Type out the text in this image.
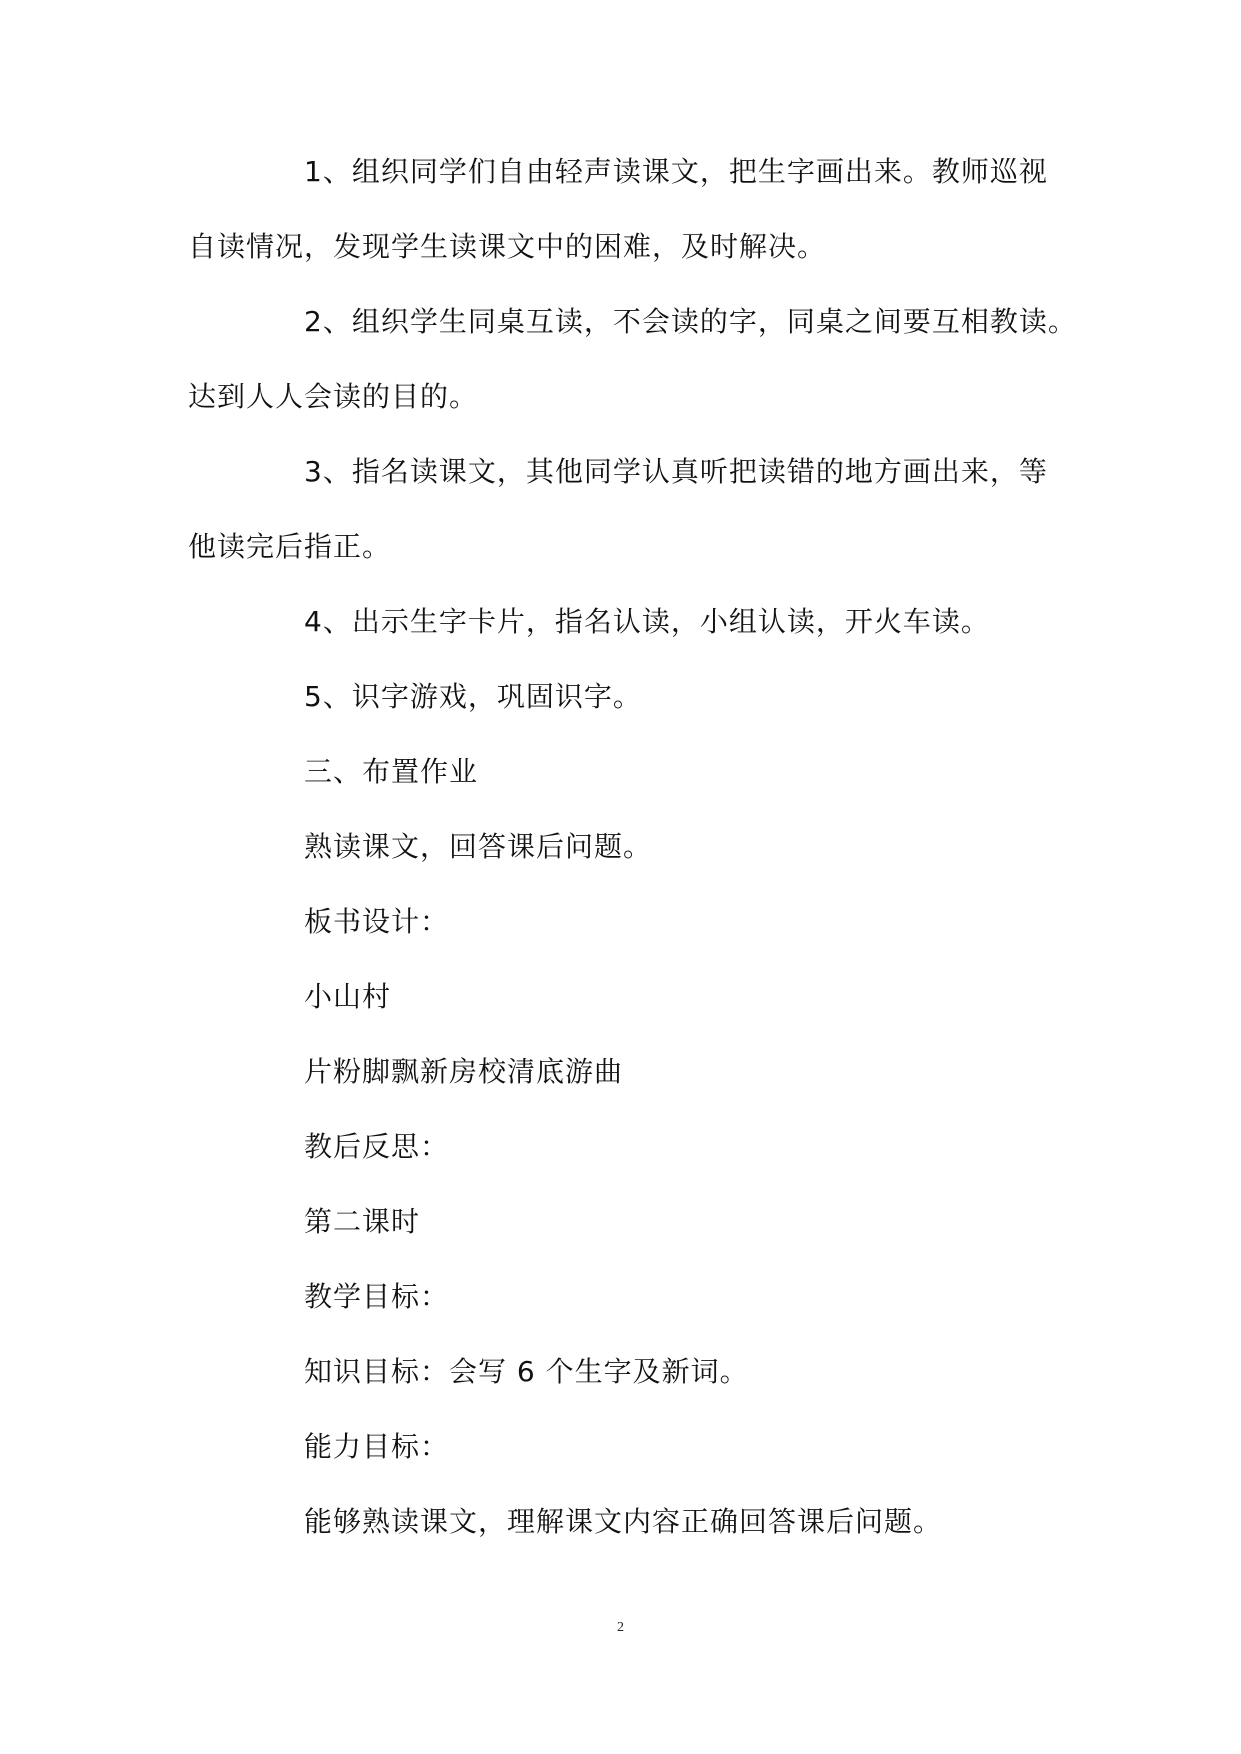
1、组织同学们自由轻声读课文，把生字画出来。教师巡视
自读情况，发现学生读课文中的困难，及时解决。
2、组织学生同桌互读，不会读的字，同桌之间要互相教读。
达到人人会读的目的。
3、指名读课文，其他同学认真听把读错的地方画出来，等
他读完后指正。
4、出示生字卡片，指名认读，小组认读，开火车读。
5、识字游戏，巩固识字。
三、布置作业
熟读课文，回答课后问题。
板书设计：
小山村
片粉脚飘新房校清底游曲
教后反思：
第二课时
教学目标：
知识目标：会写 6 个生字及新词。
能力目标：
能够熟读课文，理解课文内容正确回答课后问题。
2
